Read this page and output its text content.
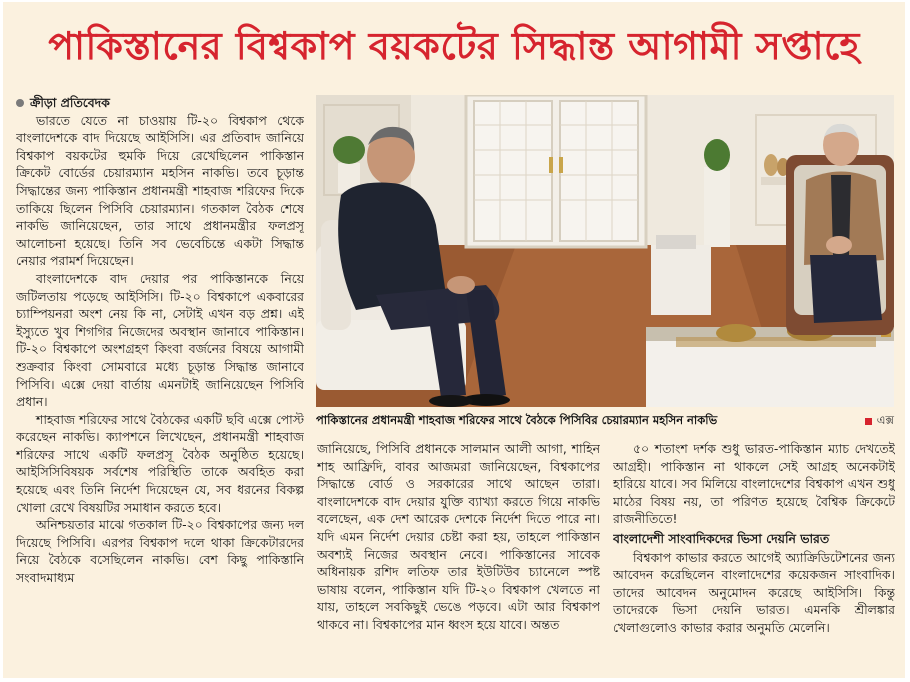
পাকিস্তানের বিশ্বকাপ বয়কটের সিদ্ধান্ত আগামী সপ্তাহে
ক্রীড়া প্রতিবেদক

ভারতে যেতে না চাওয়ায় টি-২০ বিশ্বকাপ থেকে বাংলাদেশকে বাদ দিয়েছে আইসিসি। এর প্রতিবাদ জানিয়ে বিশ্বকাপ বয়কটের হুমকি দিয়ে রেখেছিলেন পাকিস্তান ক্রিকেট বোর্ডের চেয়ারম্যান মহসিন নাকভি। তবে চূড়ান্ত সিদ্ধান্তের জন্য পাকিস্তান প্রধানমন্ত্রী শাহবাজ শরিফের দিকে তাকিয়ে ছিলেন পিসিবি চেয়ারম্যান। গতকাল বৈঠক শেষে নাকভি জানিয়েছেন, তার সাথে প্রধানমন্ত্রীর ফলপ্রসূ আলোচনা হয়েছে। তিনি সব ভেবেচিন্তে একটা সিদ্ধান্ত নেয়ার পরামর্শ দিয়েছেন।

বাংলাদেশকে বাদ দেয়ার পর পাকিস্তানকে নিয়ে জটিলতায় পড়েছে আইসিসি। টি-২০ বিশ্বকাপে একবারের চ্যাম্পিয়নরা অংশ নেয় কি না, সেটাই এখন বড় প্রশ্ন। এই ইস্যুতে খুব শিগগির নিজেদের অবস্থান জানাবে পাকিস্তান। টি-২০ বিশ্বকাপে অংশগ্রহণ কিংবা বর্জনের বিষয়ে আগামী শুক্রবার কিংবা সোমবারে মধ্যে চূড়ান্ত সিদ্ধান্ত জানাবে পিসিবি। এক্সে দেয়া বার্তায় এমনটাই জানিয়েছেন পিসিবি প্রধান।

শাহবাজ শরিফের সাথে বৈঠকের একটি ছবি এক্সে পোস্ট করেছেন নাকভি। ক্যাপশনে লিখেছেন, প্রধানমন্ত্রী শাহবাজ শরিফের সাথে একটি ফলপ্রসূ বৈঠক অনুষ্ঠিত হয়েছে। আইসিসিবিষয়ক সর্বশেষ পরিস্থিতি তাকে অবহিত করা হয়েছে এবং তিনি নির্দেশ দিয়েছেন যে, সব ধরনের বিকল্প খোলা রেখে বিষয়টির সমাধান করতে হবে।

অনিশ্চয়তার মাঝে গতকাল টি-২০ বিশ্বকাপের জন্য দল দিয়েছে পিসিবি। এরপর বিশ্বকাপ দলে থাকা ক্রিকেটারদের নিয়ে বৈঠকে বসেছিলেন নাকভি। বেশ কিছু পাকিস্তানি সংবাদমাধ্যম

পাকিস্তানের প্রধানমন্ত্রী শাহবাজ শরিফের সাথে বৈঠকে পিসিবির চেয়ারম্যান মহসিন নাকভি	এক্স

জানিয়েছে, পিসিবি প্রধানকে সালমান আলী আগা, শাহিন শাহ আফ্রিদি, বাবর আজমরা জানিয়েছেন, বিশ্বকাপের সিদ্ধান্তে বোর্ড ও সরকারের সাথে আছেন তারা। বাংলাদেশকে বাদ দেয়ার যুক্তি ব্যাখ্যা করতে গিয়ে নাকভি বলেছেন, এক দেশ আরেক দেশকে নির্দেশ দিতে পারে না। যদি এমন নির্দেশ দেয়ার চেষ্টা করা হয়, তাহলে পাকিস্তান অবশ্যই নিজের অবস্থান নেবে। পাকিস্তানের সাবেক অধিনায়ক রশিদ লতিফ তার ইউটিউব চ্যানেলে স্পষ্ট ভাষায় বলেন, পাকিস্তান যদি টি-২০ বিশ্বকাপ খেলতে না যায়, তাহলে সবকিছুই ভেঙে পড়বে। এটা আর বিশ্বকাপ থাকবে না। বিশ্বকাপের মান ধ্বংস হয়ে যাবে। অন্তত

৫০ শতাংশ দর্শক শুধু ভারত-পাকিস্তান ম্যাচ দেখতেই আগ্রহী। পাকিস্তান না থাকলে সেই আগ্রহ অনেকটাই হারিয়ে যাবে। সব মিলিয়ে বাংলাদেশের বিশ্বকাপ এখন শুধু মাঠের বিষয় নয়, তা পরিণত হয়েছে বৈশ্বিক ক্রিকেটে রাজনীতিতে!

বাংলাদেশী সাংবাদিকদের ভিসা দেয়নি ভারত

বিশ্বকাপ কাভার করতে আগেই অ্যাক্রিডিটেশনের জন্য আবেদন করেছিলেন বাংলাদেশের কয়েকজন সাংবাদিক। তাদের আবেদন অনুমোদন করেছে আইসিসি। কিন্তু তাদেরকে ভিসা দেয়নি ভারত। এমনকি শ্রীলঙ্কার খেলাগুলোও কাভার করার অনুমতি মেলেনি।
